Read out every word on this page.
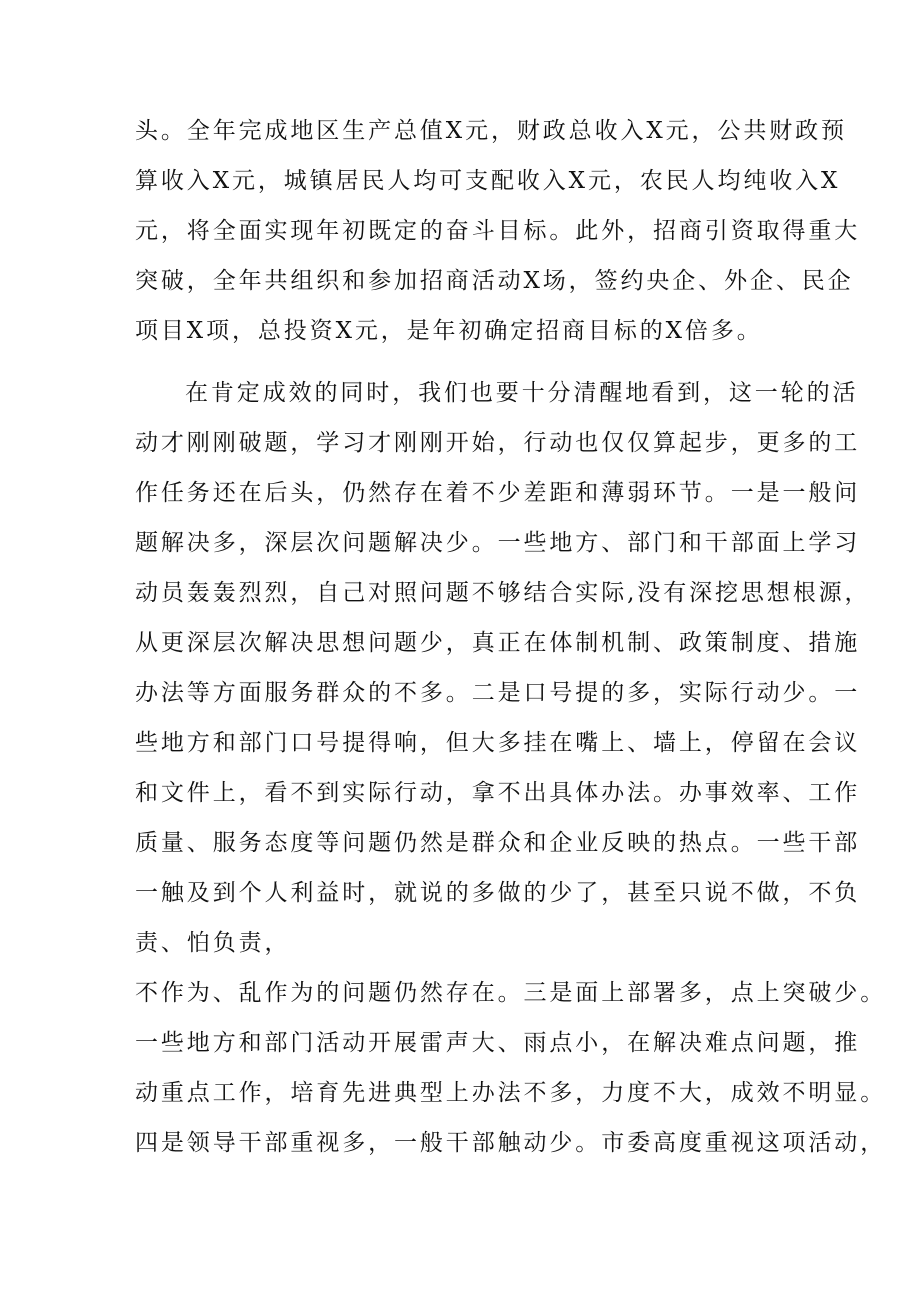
头。全年完成地区生产总值X元，财政总收入X元，公共财政预
算收入X元，城镇居民人均可支配收入X元，农民人均纯收入X
元，将全面实现年初既定的奋斗目标。此外，招商引资取得重大
突破，全年共组织和参加招商活动X场，签约央企、外企、民企
项目X项，总投资X元，是年初确定招商目标的X倍多。
在肯定成效的同时，我们也要十分清醒地看到，这一轮的活
动才刚刚破题，学习才刚刚开始，行动也仅仅算起步，更多的工
作任务还在后头，仍然存在着不少差距和薄弱环节。一是一般问
题解决多，深层次问题解决少。一些地方、部门和干部面上学习
动员轰轰烈烈，自己对照问题不够结合实际,没有深挖思想根源，
从更深层次解决思想问题少，真正在体制机制、政策制度、措施
办法等方面服务群众的不多。二是口号提的多，实际行动少。一
些地方和部门口号提得响，但大多挂在嘴上、墙上，停留在会议
和文件上，看不到实际行动，拿不出具体办法。办事效率、工作
质量、服务态度等问题仍然是群众和企业反映的热点。一些干部
一触及到个人利益时，就说的多做的少了，甚至只说不做，不负
责、怕负责，
不作为、乱作为的问题仍然存在。三是面上部署多，点上突破少。
一些地方和部门活动开展雷声大、雨点小，在解决难点问题，推
动重点工作，培育先进典型上办法不多，力度不大，成效不明显。
四是领导干部重视多，一般干部触动少。市委高度重视这项活动，
